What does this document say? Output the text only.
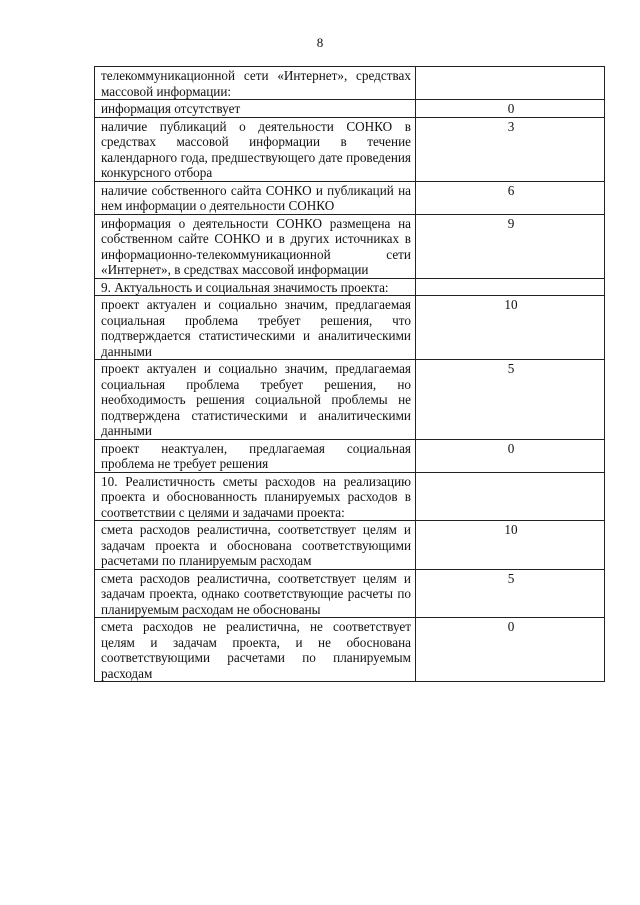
8
телекоммуникационной сети «Интернет», средствах массовой информации:	
информация отсутствует	0
наличие публикаций о деятельности СОНКО в средствах массовой информации в течение календарного года, предшествующего дате проведения конкурсного отбора	3
наличие собственного сайта СОНКО и публикаций на нем информации о деятельности СОНКО	6
информация о деятельности СОНКО размещена на собственном сайте СОНКО и в других источниках в информационно-телекоммуникационной сети «Интернет», в средствах массовой информации	9
9. Актуальность и социальная значимость проекта:	
проект актуален и социально значим, предлагаемая социальная проблема требует решения, что подтверждается статистическими и аналитическими данными	10
проект актуален и социально значим, предлагаемая социальная проблема требует решения, но необходимость решения социальной проблемы не подтверждена статистическими и аналитическими данными	5
проект неактуален, предлагаемая социальная проблема не требует решения	0
10. Реалистичность сметы расходов на реализацию проекта и обоснованность планируемых расходов в соответствии с целями и задачами проекта:	
смета расходов реалистична, соответствует целям и задачам проекта и обоснована соответствующими расчетами по планируемым расходам	10
смета расходов реалистична, соответствует целям и задачам проекта, однако соответствующие расчеты по планируемым расходам не обоснованы	5
смета расходов не реалистична, не соответствует целям и задачам проекта, и не обоснована соответствующими расчетами по планируемым расходам	0
